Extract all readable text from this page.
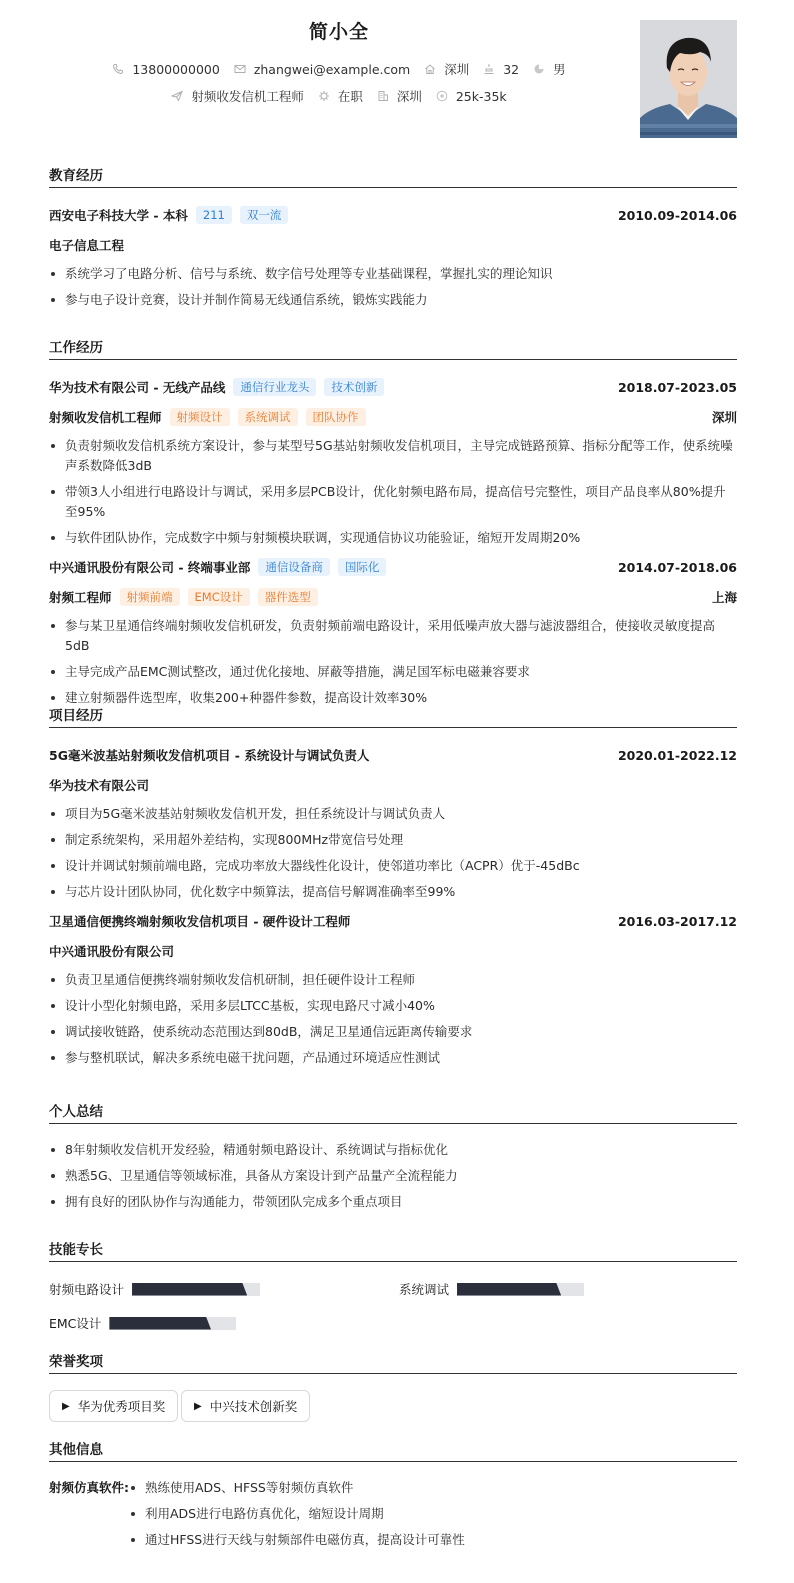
简小全
13800000000	zhangwei@example.com	深圳	32	男
射频收发信机工程师	在职	深圳	25k-35k
教育经历
西安电子科技大学 - 本科	211	双一流	2010.09-2014.06
电子信息工程
系统学习了电路分析、信号与系统、数字信号处理等专业基础课程，掌握扎实的理论知识
参与电子设计竞赛，设计并制作简易无线通信系统，锻炼实践能力
工作经历
华为技术有限公司 - 无线产品线	通信行业龙头	技术创新	2018.07-2023.05
射频收发信机工程师	射频设计	系统调试	团队协作	深圳
负责射频收发信机系统方案设计，参与某型号5G基站射频收发信机项目，主导完成链路预算、指标分配等工作，使系统噪声系数降低3dB
带领3人小组进行电路设计与调试，采用多层PCB设计，优化射频电路布局，提高信号完整性，项目产品良率从80%提升至95%
与软件团队协作，完成数字中频与射频模块联调，实现通信协议功能验证，缩短开发周期20%
中兴通讯股份有限公司 - 终端事业部	通信设备商	国际化	2014.07-2018.06
射频工程师	射频前端	EMC设计	器件选型	上海
参与某卫星通信终端射频收发信机研发，负责射频前端电路设计，采用低噪声放大器与滤波器组合，使接收灵敏度提高5dB
主导完成产品EMC测试整改，通过优化接地、屏蔽等措施，满足国军标电磁兼容要求
建立射频器件选型库，收集200+种器件参数，提高设计效率30%
项目经历
5G毫米波基站射频收发信机项目 - 系统设计与调试负责人	2020.01-2022.12
华为技术有限公司
项目为5G毫米波基站射频收发信机开发，担任系统设计与调试负责人
制定系统架构，采用超外差结构，实现800MHz带宽信号处理
设计并调试射频前端电路，完成功率放大器线性化设计，使邻道功率比（ACPR）优于-45dBc
与芯片设计团队协同，优化数字中频算法，提高信号解调准确率至99%
卫星通信便携终端射频收发信机项目 - 硬件设计工程师	2016.03-2017.12
中兴通讯股份有限公司
负责卫星通信便携终端射频收发信机研制，担任硬件设计工程师
设计小型化射频电路，采用多层LTCC基板，实现电路尺寸减小40%
调试接收链路，使系统动态范围达到80dB，满足卫星通信远距离传输要求
参与整机联试，解决多系统电磁干扰问题，产品通过环境适应性测试
个人总结
8年射频收发信机开发经验，精通射频电路设计、系统调试与指标优化
熟悉5G、卫星通信等领域标准，具备从方案设计到产品量产全流程能力
拥有良好的团队协作与沟通能力，带领团队完成多个重点项目
技能专长
射频电路设计	系统调试
EMC设计
荣誉奖项
▶ 华为优秀项目奖	▶ 中兴技术创新奖
其他信息
射频仿真软件:	熟练使用ADS、HFSS等射频仿真软件
利用ADS进行电路仿真优化，缩短设计周期
通过HFSS进行天线与射频部件电磁仿真，提高设计可靠性
